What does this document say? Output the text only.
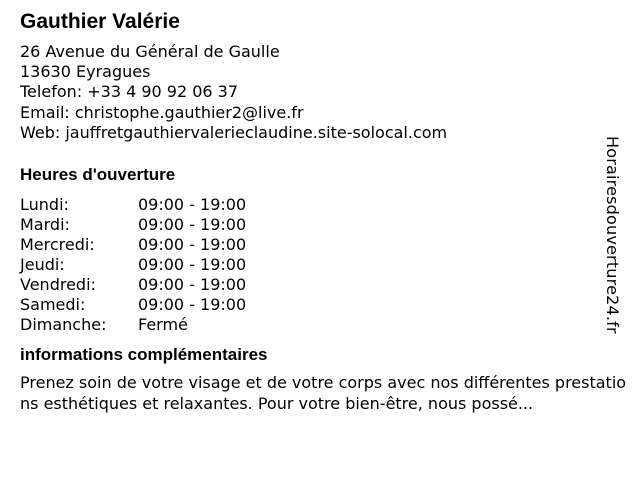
Gauthier Valérie
26 Avenue du Général de Gaulle
13630 Eyragues
Telefon: +33 4 90 92 06 37
Email: christophe.gauthier2@live.fr
Web: jauffretgauthiervalerieclaudine.site-solocal.com
Heures d'ouverture
Lundi:	09:00 - 19:00
Mardi:	09:00 - 19:00
Mercredi:	09:00 - 19:00
Jeudi:	09:00 - 19:00
Vendredi:	09:00 - 19:00
Samedi:	09:00 - 19:00
Dimanche:	Fermé
informations complémentaires
Prenez soin de votre visage et de votre corps avec nos différentes prestations esthétiques et relaxantes. Pour votre bien-être, nous possé...
Horairesdouverture24.fr
